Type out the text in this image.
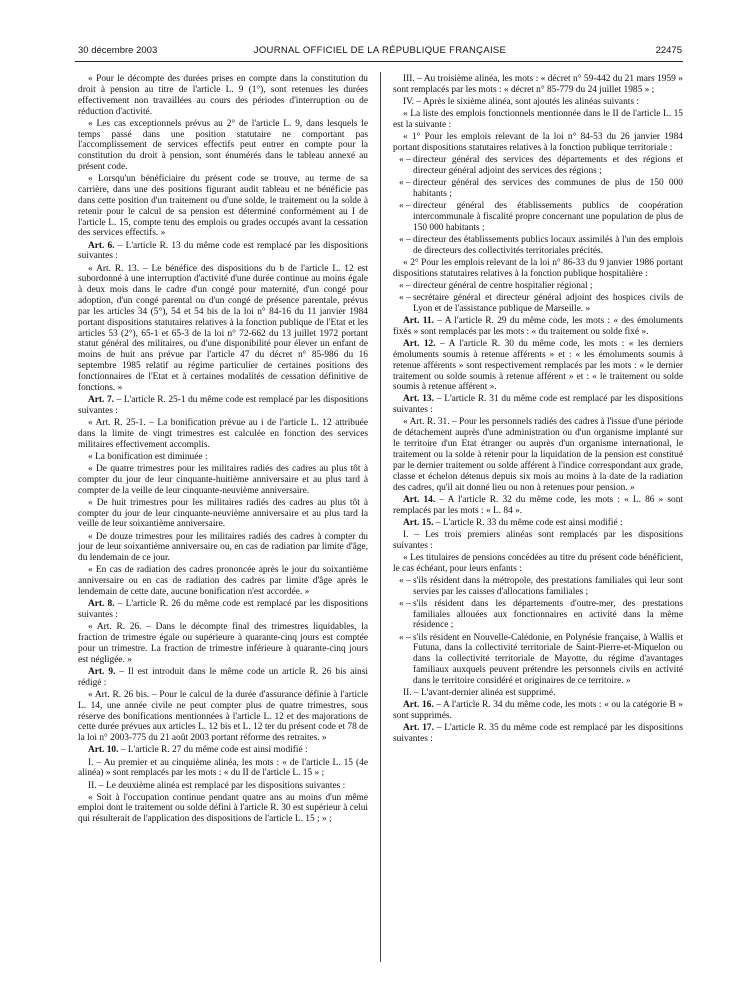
30 décembre 2003	JOURNAL OFFICIEL DE LA RÉPUBLIQUE FRANÇAISE	22475

« Pour le décompte des durées prises en compte dans la constitution du droit à pension au titre de l'article L. 9 (1°), sont retenues les durées effectivement non travaillées au cours des périodes d'interruption ou de réduction d'activité.

« Les cas exceptionnels prévus au 2° de l'article L. 9, dans lesquels le temps passé dans une position statutaire ne comportant pas l'accomplissement de services effectifs peut entrer en compte pour la constitution du droit à pension, sont énumérés dans le tableau annexé au présent code.

« Lorsqu'un bénéficiaire du présent code se trouve, au terme de sa carrière, dans une des positions figurant audit tableau et ne bénéficie pas dans cette position d'un traitement ou d'une solde, le traitement ou la solde à retenir pour le calcul de sa pension est déterminé conformément au I de l'article L. 15, compte tenu des emplois ou grades occupés avant la cessation des services effectifs. »

Art. 6. – L'article R. 13 du même code est remplacé par les dispositions suivantes :

« Art. R. 13. – Le bénéfice des dispositions du b de l'article L. 12 est subordonné à une interruption d'activité d'une durée continue au moins égale à deux mois dans le cadre d'un congé pour maternité, d'un congé pour adoption, d'un congé parental ou d'un congé de présence parentale, prévus par les articles 34 (5°), 54 et 54 bis de la loi n° 84-16 du 11 janvier 1984 portant dispositions statutaires relatives à la fonction publique de l'Etat et les articles 53 (2°), 65-1 et 65-3 de la loi n° 72-662 du 13 juillet 1972 portant statut général des militaires, ou d'une disponibilité pour élever un enfant de moins de huit ans prévue par l'article 47 du décret n° 85-986 du 16 septembre 1985 relatif au régime particulier de certaines positions des fonctionnaires de l'Etat et à certaines modalités de cessation définitive de fonctions. »

Art. 7. – L'article R. 25-1 du même code est remplacé par les dispositions suivantes :

« Art. R. 25-1. – La bonification prévue au i de l'article L. 12 attribuée dans la limite de vingt trimestres est calculée en fonction des services militaires effectivement accomplis.

« La bonification est diminuée :

« De quatre trimestres pour les militaires radiés des cadres au plus tôt à compter du jour de leur cinquante-huitième anniversaire et au plus tard à compter de la veille de leur cinquante-neuvième anniversaire.

« De huit trimestres pour les militaires radiés des cadres au plus tôt à compter du jour de leur cinquante-neuvième anniversaire et au plus tard la veille de leur soixantième anniversaire.

« De douze trimestres pour les militaires radiés des cadres à compter du jour de leur soixantième anniversaire ou, en cas de radiation par limite d'âge, du lendemain de ce jour.

« En cas de radiation des cadres prononcée après le jour du soixantième anniversaire ou en cas de radiation des cadres par limite d'âge après le lendemain de cette date, aucune bonification n'est accordée. »

Art. 8. – L'article R. 26 du même code est remplacé par les dispositions suivantes :

« Art. R. 26. – Dans le décompte final des trimestres liquidables, la fraction de trimestre égale ou supérieure à quarante-cinq jours est comptée pour un trimestre. La fraction de trimestre inférieure à quarante-cinq jours est négligée. »

Art. 9. – Il est introduit dans le même code un article R. 26 bis ainsi rédigé :

« Art. R. 26 bis. – Pour le calcul de la durée d'assurance définie à l'article L. 14, une année civile ne peut compter plus de quatre trimestres, sous réserve des bonifications mentionnées à l'article L. 12 et des majorations de cette durée prévues aux articles L. 12 bis et L. 12 ter du présent code et 78 de la loi n° 2003-775 du 21 août 2003 portant réforme des retraites. »

Art. 10. – L'article R. 27 du même code est ainsi modifié :

I. – Au premier et au cinquième alinéa, les mots : « de l'article L. 15 (4e alinéa) » sont remplacés par les mots : « du II de l'article L. 15 » ;

II. – Le deuxième alinéa est remplacé par les dispositions suivantes :

« Soit à l'occupation continue pendant quatre ans au moins d'un même emploi dont le traitement ou solde défini à l'article R. 30 est supérieur à celui qui résulterait de l'application des dispositions de l'article L. 15 ; » ;

III. – Au troisième alinéa, les mots : « décret n° 59-442 du 21 mars 1959 » sont remplacés par les mots : « décret n° 85-779 du 24 juillet 1985 » ;

IV. – Après le sixième alinéa, sont ajoutés les alinéas suivants :

« La liste des emplois fonctionnels mentionnée dans le II de l'article L. 15 est la suivante :

« 1° Pour les emplois relevant de la loi n° 84-53 du 26 janvier 1984 portant dispositions statutaires relatives à la fonction publique territoriale :

« – directeur général des services des départements et des régions et directeur général adjoint des services des régions ;

« – directeur général des services des communes de plus de 150 000 habitants ;

« – directeur général des établissements publics de coopération intercommunale à fiscalité propre concernant une population de plus de 150 000 habitants ;

« – directeur des établissements publics locaux assimilés à l'un des emplois de directeurs des collectivités territoriales précités.

« 2° Pour les emplois relevant de la loi n° 86-33 du 9 janvier 1986 portant dispositions statutaires relatives à la fonction publique hospitalière :

« – directeur général de centre hospitalier régional ;

« – secrétaire général et directeur général adjoint des hospices civils de Lyon et de l'assistance publique de Marseille. »

Art. 11. – A l'article R. 29 du même code, les mots : « des émoluments fixés » sont remplacés par les mots : « du traitement ou solde fixé ».

Art. 12. – A l'article R. 30 du même code, les mots : « les derniers émoluments soumis à retenue afférents » et : « les émoluments soumis à retenue afférents » sont respectivement remplacés par les mots : « le dernier traitement ou solde soumis à retenue afférent » et : « le traitement ou solde soumis à retenue afférent ».

Art. 13. – L'article R. 31 du même code est remplacé par les dispositions suivantes :

« Art. R. 31. – Pour les personnels radiés des cadres à l'issue d'une période de détachement auprès d'une administration ou d'un organisme implanté sur le territoire d'un Etat étranger ou auprès d'un organisme international, le traitement ou la solde à retenir pour la liquidation de la pension est constitué par le dernier traitement ou solde afférent à l'indice correspondant aux grade, classe et échelon détenus depuis six mois au moins à la date de la radiation des cadres, qu'il ait donné lieu ou non à retenues pour pension. »

Art. 14. – A l'article R. 32 du même code, les mots : « L. 86 » sont remplacés par les mots : « L. 84 ».

Art. 15. – L'article R. 33 du même code est ainsi modifié :

I. – Les trois premiers alinéas sont remplacés par les dispositions suivantes :

« Les titulaires de pensions concédées au titre du présent code bénéficient, le cas échéant, pour leurs enfants :

« – s'ils résident dans la métropole, des prestations familiales qui leur sont servies par les caisses d'allocations familiales ;

« – s'ils résident dans les départements d'outre-mer, des prestations familiales allouées aux fonctionnaires en activité dans la même résidence ;

« – s'ils résident en Nouvelle-Calédonie, en Polynésie française, à Wallis et Futuna, dans la collectivité territoriale de Saint-Pierre-et-Miquelon ou dans la collectivité territoriale de Mayotte, du régime d'avantages familiaux auxquels peuvent prétendre les personnels civils en activité dans le territoire considéré et originaires de ce territoire. »

II. – L'avant-dernier alinéa est supprimé.

Art. 16. – A l'article R. 34 du même code, les mots : « ou la catégorie B » sont supprimés.

Art. 17. – L'article R. 35 du même code est remplacé par les dispositions suivantes :
